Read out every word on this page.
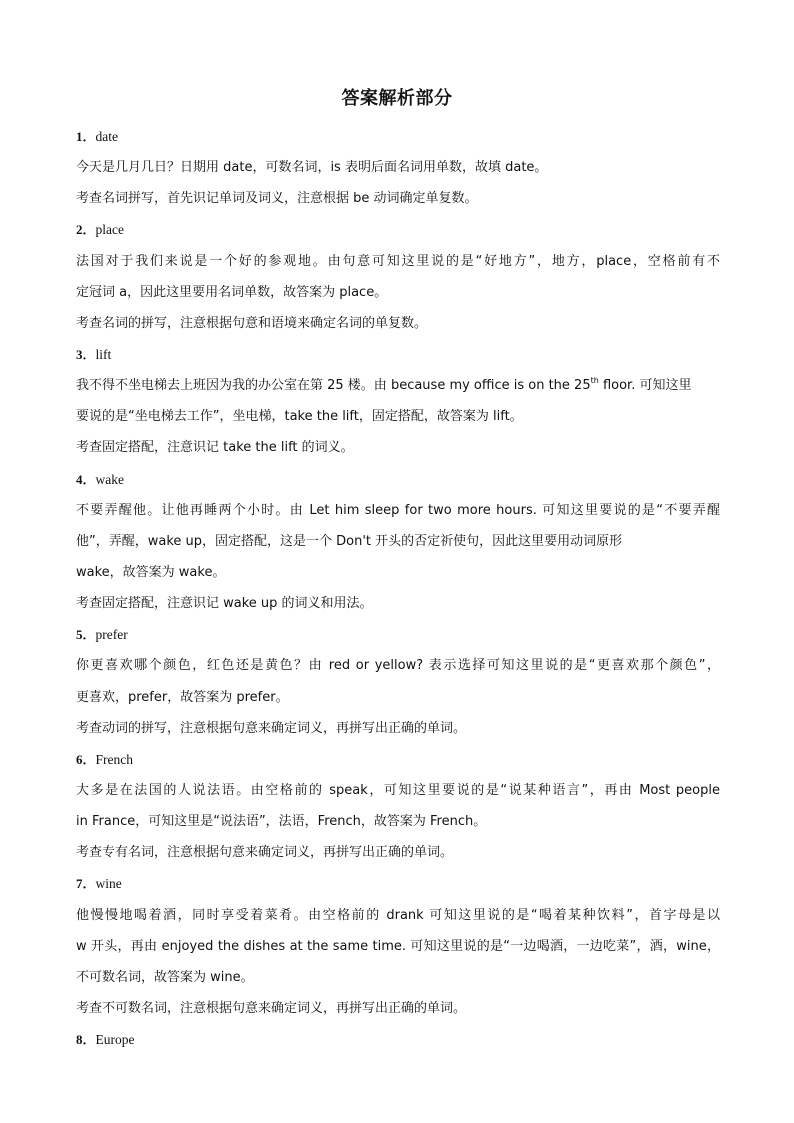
答案解析部分
1．date
今天是几月几日？日期用 date，可数名词，is 表明后面名词用单数，故填 date。
考查名词拼写，首先识记单词及词义，注意根据 be 动词确定单复数。
2．place
法国对于我们来说是一个好的参观地。由句意可知这里说的是“好地方”，地方，place，空格前有不
定冠词 a，因此这里要用名词单数，故答案为 place。
考查名词的拼写，注意根据句意和语境来确定名词的单复数。
3．lift
我不得不坐电梯去上班因为我的办公室在第 25 楼。由 because my office is on the 25th floor. 可知这里
要说的是“坐电梯去工作”，坐电梯，take the lift，固定搭配，故答案为 lift。
考查固定搭配，注意识记 take the lift 的词义。
4．wake
不要弄醒他。让他再睡两个小时。由 Let him sleep for two more hours. 可知这里要说的是“不要弄醒
他”，弄醒，wake up，固定搭配，这是一个 Don't 开头的否定祈使句，因此这里要用动词原形
wake，故答案为 wake。
考查固定搭配，注意识记 wake up 的词义和用法。
5．prefer
你更喜欢哪个颜色，红色还是黄色？由 red or yellow? 表示选择可知这里说的是“更喜欢那个颜色”，
更喜欢，prefer，故答案为 prefer。
考查动词的拼写，注意根据句意来确定词义，再拼写出正确的单词。
6．French
大多是在法国的人说法语。由空格前的 speak，可知这里要说的是“说某种语言”，再由 Most people
in France，可知这里是“说法语”，法语，French，故答案为 French。
考查专有名词，注意根据句意来确定词义，再拼写出正确的单词。
7．wine
他慢慢地喝着酒，同时享受着菜肴。由空格前的 drank 可知这里说的是“喝着某种饮料”，首字母是以
w 开头，再由 enjoyed the dishes at the same time. 可知这里说的是“一边喝酒，一边吃菜”，酒，wine，
不可数名词，故答案为 wine。
考查不可数名词，注意根据句意来确定词义，再拼写出正确的单词。
8．Europe
